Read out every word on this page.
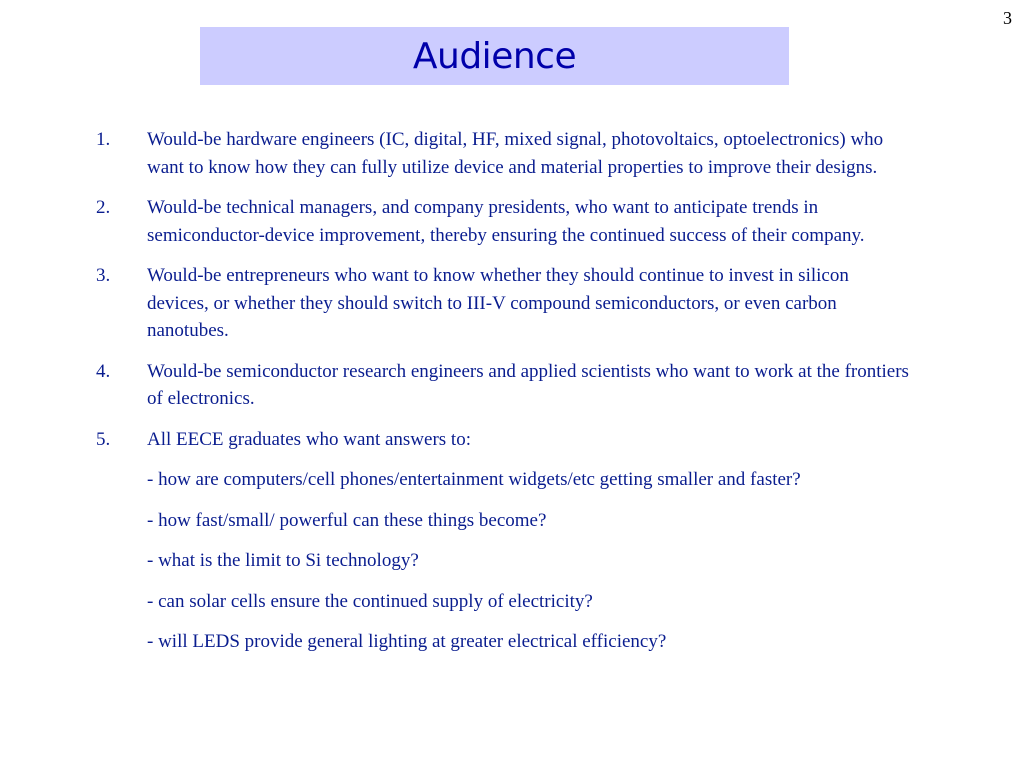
3
Audience
1.	Would-be hardware engineers (IC, digital, HF, mixed signal, photovoltaics, optoelectronics) who want to know how they can fully utilize device and material properties to improve their designs.
2.	Would-be technical managers, and company presidents, who want to anticipate trends in semiconductor-device improvement, thereby ensuring the continued success of their company.
3.	Would-be entrepreneurs who want to know whether they should continue to invest in silicon devices, or whether they should switch to III-V compound semiconductors, or even carbon nanotubes.
4.	Would-be semiconductor research engineers and applied scientists who want to work at the frontiers of electronics.
5.	All EECE graduates who want answers to:
- how are computers/cell phones/entertainment widgets/etc getting smaller and faster?
- how fast/small/ powerful can these things become?
- what is the limit to Si technology?
- can solar cells ensure the continued supply of electricity?
- will LEDS provide general lighting at greater electrical efficiency?
